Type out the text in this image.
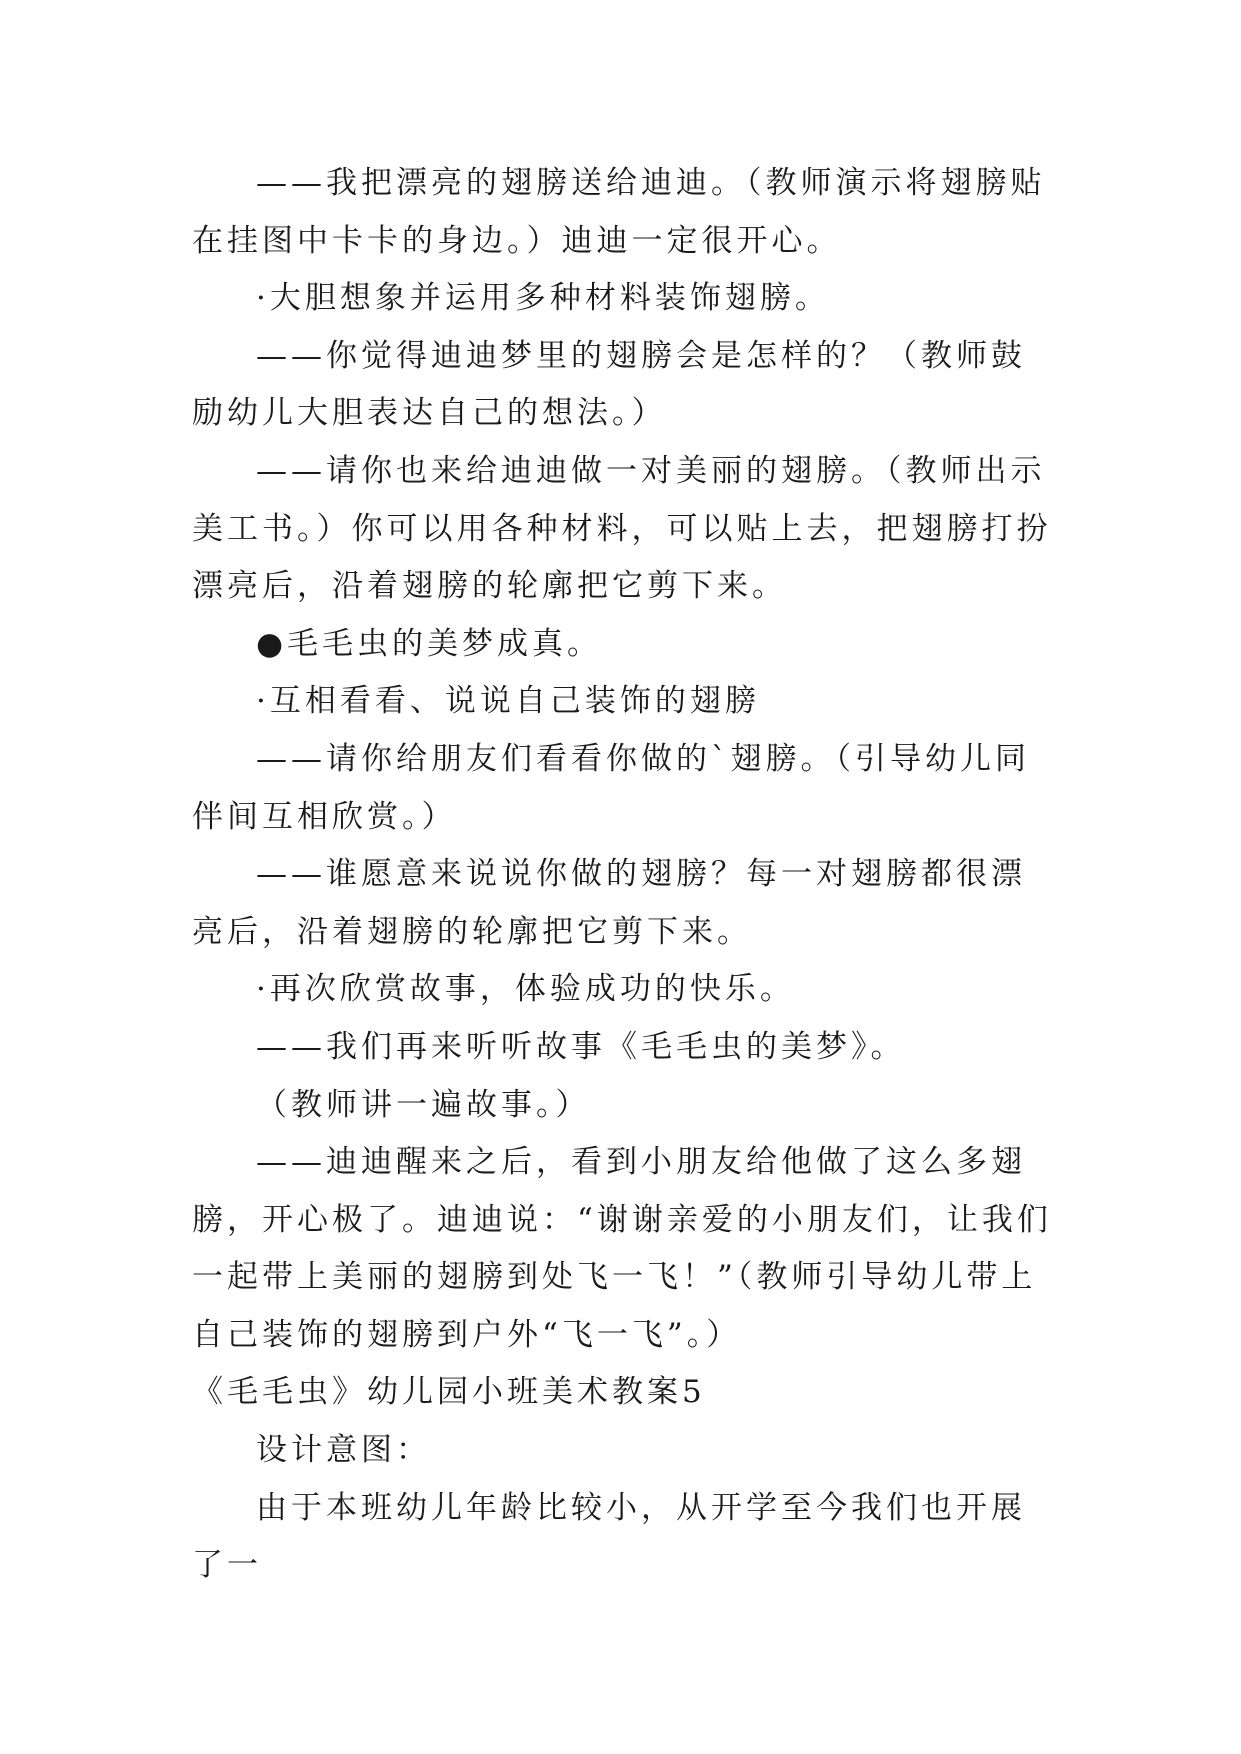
——我把漂亮的翅膀送给迪迪。（教师演示将翅膀贴在挂图中卡卡的身边。）迪迪一定很开心。

·大胆想象并运用多种材料装饰翅膀。

——你觉得迪迪梦里的翅膀会是怎样的？（教师鼓励幼儿大胆表达自己的想法。）

——请你也来给迪迪做一对美丽的翅膀。（教师出示美工书。）你可以用各种材料，可以贴上去，把翅膀打扮漂亮后，沿着翅膀的轮廓把它剪下来。

●毛毛虫的美梦成真。

·互相看看、说说自己装饰的翅膀

——请你给朋友们看看你做的`翅膀。（引导幼儿同伴间互相欣赏。）

——谁愿意来说说你做的翅膀？每一对翅膀都很漂亮后，沿着翅膀的轮廓把它剪下来。

·再次欣赏故事，体验成功的快乐。

——我们再来听听故事《毛毛虫的美梦》。

（教师讲一遍故事。）

——迪迪醒来之后，看到小朋友给他做了这么多翅膀，开心极了。迪迪说：“谢谢亲爱的小朋友们，让我们一起带上美丽的翅膀到处飞一飞！”（教师引导幼儿带上自己装饰的翅膀到户外“飞一飞”。）

《毛毛虫》幼儿园小班美术教案5

设计意图：

由于本班幼儿年龄比较小，从开学至今我们也开展了一
